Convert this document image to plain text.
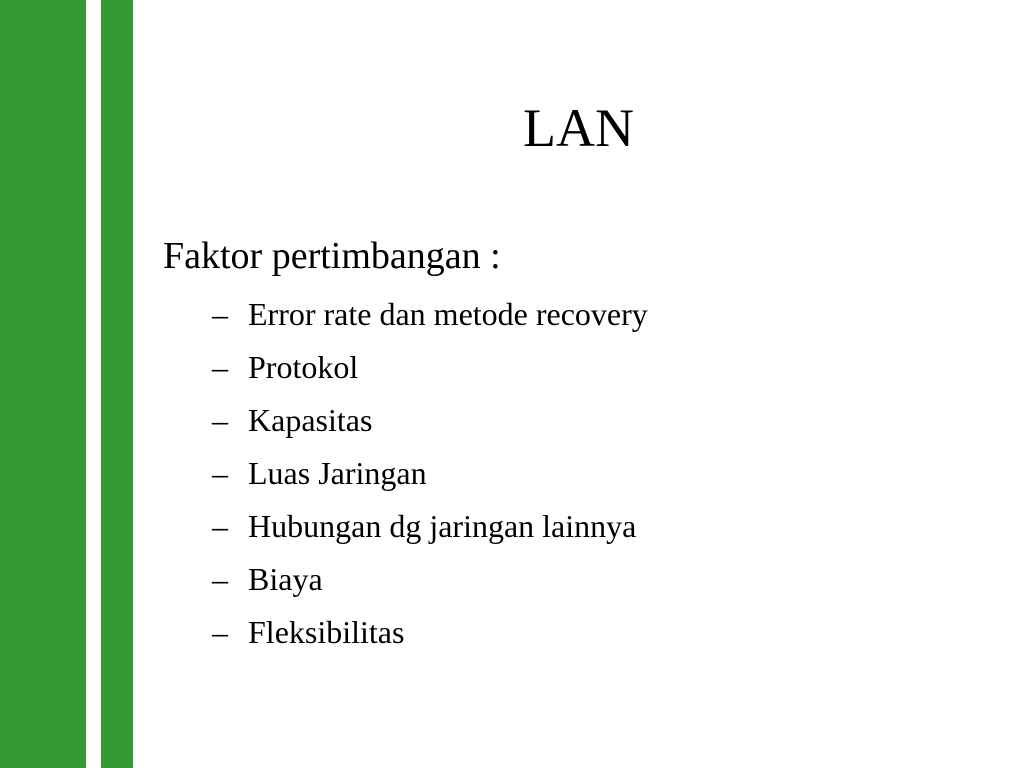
LAN

Faktor pertimbangan :

– Error rate dan metode recovery
– Protokol
– Kapasitas
– Luas Jaringan
– Hubungan dg jaringan lainnya
– Biaya
– Fleksibilitas
